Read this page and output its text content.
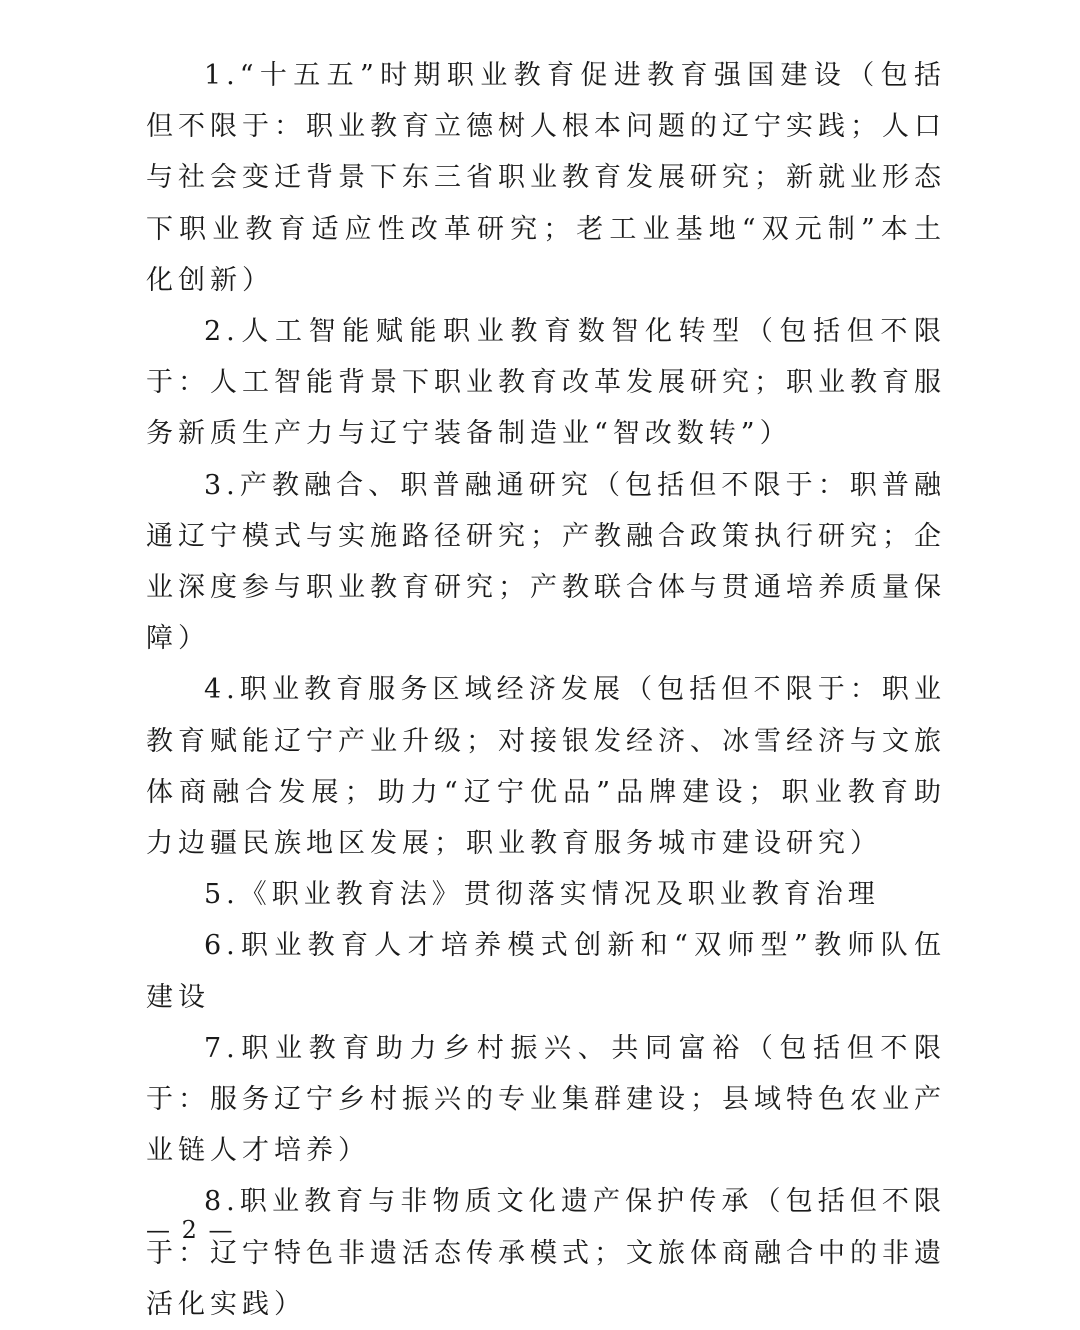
1.“十五五”时期职业教育促进教育强国建设（包括但不限于：职业教育立德树人根本问题的辽宁实践；人口与社会变迁背景下东三省职业教育发展研究；新就业形态下职业教育适应性改革研究；老工业基地“双元制”本土化创新）

2.人工智能赋能职业教育数智化转型（包括但不限于：人工智能背景下职业教育改革发展研究；职业教育服务新质生产力与辽宁装备制造业“智改数转”）

3.产教融合、职普融通研究（包括但不限于：职普融通辽宁模式与实施路径研究；产教融合政策执行研究；企业深度参与职业教育研究；产教联合体与贯通培养质量保障）

4.职业教育服务区域经济发展（包括但不限于：职业教育赋能辽宁产业升级；对接银发经济、冰雪经济与文旅体商融合发展；助力“辽宁优品”品牌建设；职业教育助力边疆民族地区发展；职业教育服务城市建设研究）

5.《职业教育法》贯彻落实情况及职业教育治理

6.职业教育人才培养模式创新和“双师型”教师队伍建设

7.职业教育助力乡村振兴、共同富裕（包括但不限于：服务辽宁乡村振兴的专业集群建设；县域特色农业产业链人才培养）

8.职业教育与非物质文化遗产保护传承（包括但不限于：辽宁特色非遗活态传承模式；文旅体商融合中的非遗活化实践）

— 2 —
